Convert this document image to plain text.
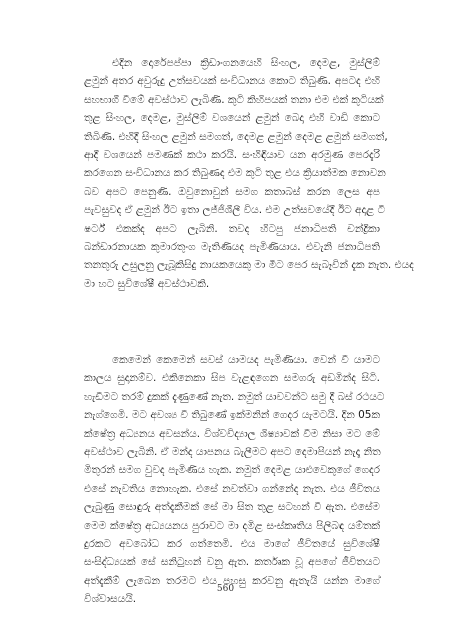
එදින දොරේපප්පා ක්‍රිඩාංගනයෙහි සිංහල, දෙමළ, මුස්ලිම්
ළමුන් අතර අවුරුදු උත්සවයක් සංවිධානය කොට තිබුණි. අපටද එහි
සහභාගී වීමේ අවස්ථාව ලැබිණි. කුටි කිහිපයක් තනා එම එක් කුටියක්
තුළ සිංහල, දෙමළ, මුස්ලිම් වශයෙන් ළමුන් බෙදා එහි වාඩි කොට
තිබිණි. එහිදී සිංහල ළමුන් සමගත්, දෙමළ ළමුන් දෙමළ ළමුන් සමගත්,
ආදී වශයෙන් පමණක් කථා කරයි. සංහිඳියාව යන අරමුණ පෙරදැරි
කරගෙන සංවිධානය කර තිබුණද එම කුටි තුළ එය ක්‍රියාත්මක නොවන
බව අපට පෙනුණි. ඔවුනොවුන් සමග කතාබස් කරන ලෙස අප
පැවසුවද ඒ ළමුන් ඊට ඉතා ලජ්ජිශීලී විය. එම උත්සවයේදී ඊට අදාළ ටී
ෂර්ට් එකක්ද අපට ලැබිනි. තවද හිටපු ජනාධිපති චන්ද්‍රිකා
බන්ඩාරනායක කුමාරතුංග මැතිණියද පැමිණියාය. එවැනි ජනාධිපති
තනතුරු උසුලනු ලැබූකිසිදු නායකයෙකු මා මීට පෙර සැබෑවින් දැක නැත. එයද
මා හට සුවිශේෂී අවස්ථාවකි.
කෙමෙන් කෙමෙන් සවස් යාමයද පැමිණියා. වෙන් වී යාමට
කාලය සුදානම්ව. එකිනෙකා සිප වැළඳගෙන සමගරු අඩමින්ද සිටි.
හැඩීමට තරම් දුකක් දැණුණේ නැත. නමුත් යාවවන්ට සමු දී බස් රථයට
නැග්ගෙමි. මට අවශ්‍ය වී තිබුණේ ඉක්මනින් ගෙදර යැමටයි. දින 05ක
ක්ෂේත්‍ර අධ්‍යනය අවසන්ය. විශ්වවිද්‍යාල ශිෂ්‍යාවක් වීම නිසා මට මේ
අවස්ථාව ලැබිනි. ඒ මන්ද යාපනය බැලීමට අපට දෙමාපියන් නැදෑ නිත
මිතුරන් සමග වුවද පැමිණිය හැක. නමුත් දෙමළ යාළුවෙකුගේ ගෙදර
එසේ නැවතිය නොහැක. එසේ නවත්වා ගන්නේද නැත. එය ජීවිතය
ලැබුණු සොඳුරු අත්දැකීමක් සේ මා සිත තුළ සටහන් වී ඇත. එසේම
මෙම ක්ෂේත්‍ර අධ්‍යයනය පුරාවට මා දමිළ සංස්කෘතිය පිලිබඳ යම්තක්
දුරකට අවබෝධ කර ගත්තෙමි. එය මාගේ ජීවිතයේ සුවිශේෂී
සංසිද්ධ්‍යයක් සේ සනිටුහන් වනු ඇත. කර්තෘක වූ අපගේ ජීවිතයට
අත්දැකීම් ලැබෙන තරමට එය පහසු කරවනු ඇතැයි යන්න මාගේ
විශ්වාසයයි.
560
